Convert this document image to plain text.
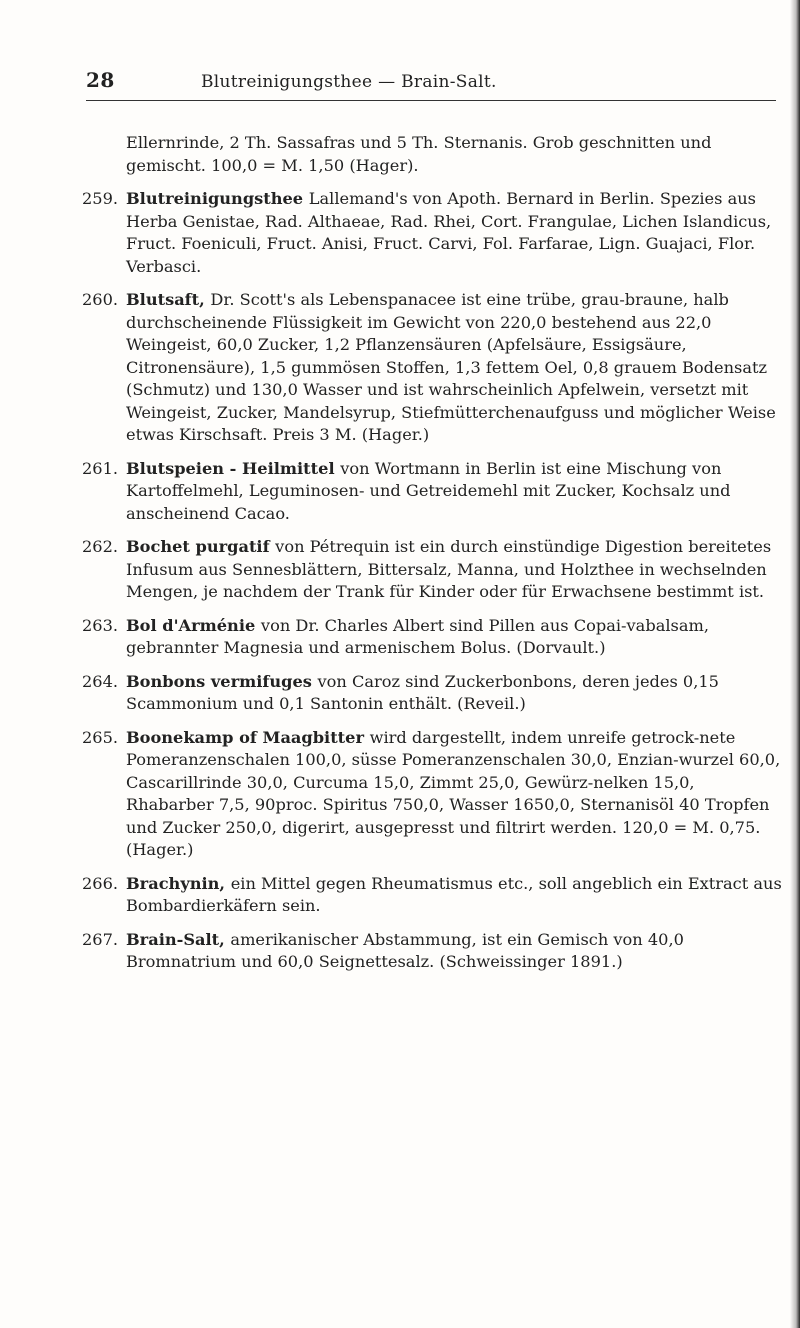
28	Blutreinigungsthee — Brain-Salt.
Ellernrinde, 2 Th. Sassafras und 5 Th. Sternanis. Grob geschnitten und gemischt. 100,0 = M. 1,50 (Hager).
259. Blutreinigungsthee Lallemand's von Apoth. Bernard in Berlin. Spezies aus Herba Genistae, Rad. Althaeae, Rad. Rhei, Cort. Frangulae, Lichen Islandicus, Fruct. Foeniculi, Fruct. Anisi, Fruct. Carvi, Fol. Farfarae, Lign. Guajaci, Flor. Verbasci.
260. Blutsaft, Dr. Scott's als Lebenspanacee ist eine trübe, grau-braune, halb durchscheinende Flüssigkeit im Gewicht von 220,0 bestehend aus 22,0 Weingeist, 60,0 Zucker, 1,2 Pflanzensäuren (Apfelsäure, Essigsäure, Citronensäure), 1,5 gummösen Stoffen, 1,3 fettem Oel, 0,8 grauem Bodensatz (Schmutz) und 130,0 Wasser und ist wahrscheinlich Apfelwein, versetzt mit Weingeist, Zucker, Mandelsyrup, Stiefmütterchenaufguss und möglicher Weise etwas Kirschsaft. Preis 3 M. (Hager.)
261. Blutspeien - Heilmittel von Wortmann in Berlin ist eine Mischung von Kartoffelmehl, Leguminosen- und Getreidemehl mit Zucker, Kochsalz und anscheinend Cacao.
262. Bochet purgatif von Pétrequin ist ein durch einstündige Digestion bereitetes Infusum aus Sennesblättern, Bittersalz, Manna, und Holzthee in wechselnden Mengen, je nachdem der Trank für Kinder oder für Erwachsene bestimmt ist.
263. Bol d'Arménie von Dr. Charles Albert sind Pillen aus Copai-vabalsam, gebrannter Magnesia und armenischem Bolus. (Dorvault.)
264. Bonbons vermifuges von Caroz sind Zuckerbonbons, deren jedes 0,15 Scammonium und 0,1 Santonin enthält. (Reveil.)
265. Boonekamp of Maagbitter wird dargestellt, indem unreife getrock-nete Pomeranzenschalen 100,0, süsse Pomeranzenschalen 30,0, Enzian-wurzel 60,0, Cascarillrinde 30,0, Curcuma 15,0, Zimmt 25,0, Gewürz-nelken 15,0, Rhabarber 7,5, 90proc. Spiritus 750,0, Wasser 1650,0, Sternanisöl 40 Tropfen und Zucker 250,0, digerirt, ausgepresst und filtrirt werden. 120,0 = M. 0,75. (Hager.)
266. Brachynin, ein Mittel gegen Rheumatismus etc., soll angeblich ein Extract aus Bombardierkäfern sein.
267. Brain-Salt, amerikanischer Abstammung, ist ein Gemisch von 40,0 Bromnatrium und 60,0 Seignettesalz. (Schweissinger 1891.)
